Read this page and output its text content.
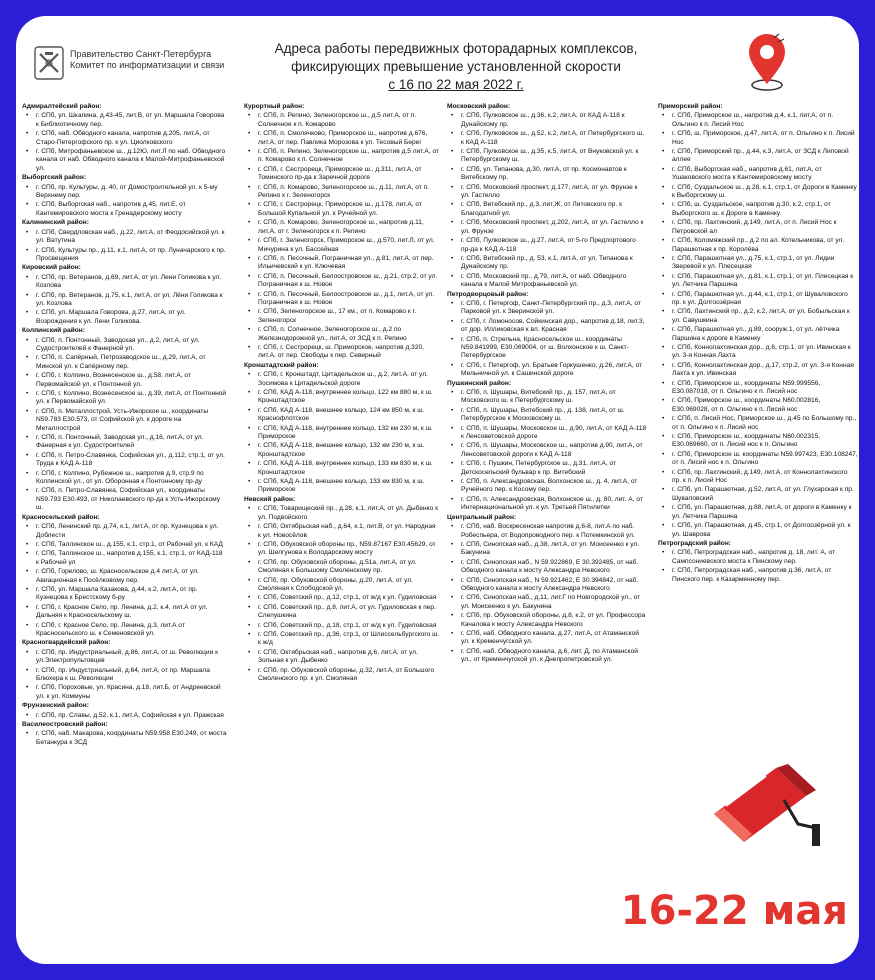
Правительство Санкт-Петербурга
Комитет по информатизации и связи
Адреса работы передвижных фоторадарных комплексов,
фиксирующих превышение установленной скорости
с 16 по 22 мая 2022 г.
Адмиралтейский район:
• г. СПб, ул. Шкапина, д.43-45, лит.В, от ул. Маршала Говорова к Библиотечному пер.
• г. СПб, наб. Обводного канала, напротив д.205, лит.А, от Старо-Петергофского пр. к ул. Циолковского
• г. СПб, Митрофаньевское ш., д.12Ю, лит.Л по наб. Обводного канала от наб. Обводного канала к Малой-Митрофаньевской ул.
Выборгский район:
• г. СПб, пр. Культуры, д. 40, от Домостроительной ул. к 5-му Верхнему пер.
• г. СПб, Выборгская наб., напротив д.45, лит.Е, от Кантемировского моста к Гренадерскому мосту
Калининский район:
• г. СПб, Свердловская наб., д.22, лит.А, от Феодосийской ул. к ул. Ватутина
• г. СПб, Культуры пр., д.11, к.1, лит.А, от пр. Луначарского к пр. Просвещения
Кировский район:
• г. СПб, пр. Ветеранов, д.69, лит.А, от ул. Лени Голикова к ул. Козлова
• г. СПб, пр. Ветеранов, д.75, к.1, лит.А, от ул. Лёни Голикова к ул. Козлова
• г. СПб, ул. Маршала Говорова, д.27, лит.А, от ул. Возрождения к ул. Лени Голикова.
Колпинский район:
• г. СПб, п. Понтонный, Заводская ул., д.2, лит.А, от ул. Судостроителей к Фанерной ул.
• г. СПб, п. Сапёрный, Петрозаводское ш., д.29, лит.А, от Минской ул. к Сапёрному пер.
• г. СПб, г. Колпино, Вознесенское ш., д.58, лит.А, от Первомайской ул. к Понтонной ул.
• г. СПб, г. Колпино, Вознесенское ш., д.39, лит.А, от Понтонной ул. к Первомайской ул.
• г. СПб, п. Металлострой, Усть-Ижорское ш., координаты N59.783 E30.573, от Софийской ул. к дороге на Металлострой
• г. СПб, п. Понтонный, Заводская ул., д.16, лит.А, от ул. Фанерная к ул. Судостроителей
• г. СПб, п. Петро-Славянка, Софийская ул., д.112, стр.1, от ул. Труда к КАД А-118
• г. СПб, г. Колпино, Рубежное ш., напротив д.9, стр.9 по Колпинской ул., от ул. Оборонная к Понтонному пр-ду
• г. СПб, п. Петро-Славянка, Софийская ул., координаты N59.793 E30.493, от Николаевского пр-да к Усть-Ижорскому ш.
Красносельский район:
• г. СПб, Ленинский пр. д.74, к.1, лит.А, от пр. Кузнецова к ул. Доблести
• г. СПб, Таллинское ш., д.155, к.1, стр.1, от Рабочей ул. к КАД
• г. СПб, Таллинское ш., напротив д.155, к.1, стр.1, от КАД-118 к Рабочей ул
• г. СПб, Горелово, ш. Красносельское д.4 лит.А, от ул. Авиационная к Посёлковому пер.
• г. СПб, ул. Маршала Казакова, д.44, к.2, лит.А, от пр. Кузнецова к Брестскому б-ру
• г. СПб, г. Красное Село, пр. Ленина, д.2, к.4, лит.А от ул. Дальняя к Красносельскому ш.
• г. СПб, г. Красное Село, пр. Ленина, д.3, лит.А от Красносельского ш. к Семеновской ул.
Красногвардейский район:
• г. СПб, пр. Индустриальный, д.86, лит.А, от ш. Революции к ул.Электропультовцев
• г. СПб, пр. Индустриальный, д.64, лит.А, от пр. Маршала Блюхера к ш. Революции
• г. СПб, Пороховые, ул. Красина, д.18, лит.Б, от Андреевской ул. к ул. Коммуны
Фрунзенский район:
• г. СПб, пр. Славы, д.52, к.1, лит.А, Софийская к ул. Пражская
Василеостровский район:
• г. СПб, наб. Макарова, координаты N59.958 E30.249, от моста Бетанкура к ЗСД
Курортный район:
• г. СПб, п. Репино, Зеленогорское ш., д.5 лит.А, от п. Солнечное к п. Комарово
• г. СПб, п. Смолячково, Приморское ш., напротив д.676, лит.А, от пер. Павлика Морозова к ул. Тесовый Берег
• г. СПб, п. Репино, Зеленогорское ш., напротив д.5 лит.А, от п. Комарово к п. Солнечное
• г. СПб, г. Сестрорецк, Приморское ш., д.311, лит.А, от Томинского пр-да к Заречной дороге
• г. СПб, п. Комарово, Зеленогорское ш., д.11, лит.А, от п. Репино к г. Зеленогорск
• г. СПб, г. Сестрорецк, Приморское ш., д.178, лит.А, от Большой Купальной ул. к Ручейной ул.
• г. СПб, п. Комарово, Зеленогорское ш., напротив д.11, лит.А, от г. Зеленогорск к п. Репино
• г. СПб, г. Зеленогорск, Приморское ш., д.570, лит.Л, от ул. Мичурина к ул. Бассейная
• г. СПб, п. Песочный, Пограничная ул., д.81, лит.А, от пер. Ильичевский к ул. Ключевая
• г. СПб, п. Песочный, Белоостровское ш., д.21, стр.2, от ул. Пограничная к ш. Новое
• г. СПб, п. Песочный, Белоостровское ш., д.1, лит.А, от ул. Пограничная к ш. Новое
• г. СПб, Зеленогорское ш., 17 км., от п. Комарово к г. Зеленогорск
• г. СПб, п. Солнечное, Зеленогорское ш., д.2 по Железнодорожной ул., лит.А, от ЗСД к п. Репино
• г. СПб, г. Сестрорецк, ш. Приморское, напротив д.320, лит.А, от пер. Свободы к пер. Северный
Кронштадтский район:
• г. СПб, г. Кронштадт, Цитадельское ш., д.2, лит.А, от ул. Зосимова к Цитадельской дороге
• г. СПб, КАД А-118, внутреннее кольцо, 122 км 880 м, к ш. Кронштадтское
• г. СПб, КАД А-118, внешнее кольцо, 124 км 850 м, к ш. Краснофлотское
• г. СПб, КАД А-118, внутреннее кольцо, 132 км 230 м, к ш. Приморское
• г. СПб, КАД А-118, внешнее кольцо, 132 км 230 м, к ш. Кронштадтское
• г. СПб, КАД А-118, внутреннее кольцо, 133 км 830 м, к ш. Кронштадтское
• г. СПб, КАД А-118, внешнее кольцо, 133 км 830 м, к ш. Приморское
Невский район:
• г. СПб, Товарищеский пр., д.28, к.1, лит.А, от ул. Дыбенко к ул. Подвойского
• г. СПб, Октябрьская наб., д.64, к.1, лит.В, от ул. Народная к ул. Новосёлов
• г. СПб, Обуховской обороны пр., N59.87167 E30.45629, от ул. Шелгунова к Володарскому мосту
• г. СПб, пр. Обуховской обороны, д.51а, лит.А, от ул. Смоляная к Большому Смоленскому пр.
• г. СПб, пр. Обуховской обороны, д.20, лит.А, от ул. Смоляная к Слободской ул.
• г. СПб, Советский пр., д.12, стр.1, от ж/д к ул. Гудиловская
• г. СПб, Советский пр., д.8, лит.А, от ул. Гудиловская к пер. Слепушкина
• г. СПб, Советский пр., д.18, стр.1, от ж/д к ул. Гудиловская
• г. СПб, Советский пр., д.36, стр.1, от Шлиссельбургского ш. к ж/д
• г. СПб, Октябрьская наб., напротив д.6, лит.А, от ул. Зольная к ул. Дыбенко
• г. СПб, пр. Обуховской обороны, д.32, лит.А, от Большого Смоленского пр. к ул. Смоляная
Московский район:
• г. СПб, Пулковское ш., д.36, к.2, лит.А, от КАД А-118 к Дунайскому пр.
• г. СПб, Пулковское ш., д.52, к.2, лит.А, от Петербургского ш. к КАД А-118
• г. СПб, Пулковское ш., д.35, к.5, лит.А, от Внуковской ул. к Петербургскому ш.
• г. СПб, ул. Типанова, д.30, лит.А, от пр. Космонавтов к Витебскому пр.
• г. СПб, Московский проспект, д.177, лит.А, от ул. Фрунзе к ул. Гастелло
• г. СПб, Витебский пр., д.3, лит.Ж, от Литовского пр. к Благодатной ул.
• г. СПб, Московский проспект, д.202, лит.А, от ул. Гастелло к ул. Фрунзе
• г. СПб, Пулковское ш., д.27, лит.А, от 5-го Предпортового пр-да к КАД А-118
• г. СПб, Витебский пр., д. 53, к.1, лит.А, от ул. Типанова к Дунайскому пр.
• г. СПб, Московский пр., д.79, лит.А, от наб. Обводного канала к Малой Митрофаньевской ул.
Петродворцовый район:
• г. СПб, г. Петергоф, Санкт-Петербургский пр., д.3, лит.А, от Парковой ул. к Зверинской ул.
• г. СПб, г. Ломоносов, Сойкинская дор., напротив д.18, лит.3, от дор. Илликовская к вл. Красная
• г. СПб, п. Стрельна, Красносельское ш., координаты N59.841999, E30.069004, от ш. Волхонское к ш. Санкт-Петербургское
• г. СПб, г. Петергоф, ул. Братьев Горкушенко, д.26, лит.А, от Мельничной ул. к Сашинской дороге
Пушкинский район:
• г. СПб, п. Шушары, Витебский пр., д. 157, лит.А, от Московского ш. к Петербургскому ш.
• г. СПб, п. Шушары, Витебский пр., д. 138, лит.А, от ш. Петербургское к Московскому ш.
• г. СПб, п. Шушары, Московское ш., д.90, лит.А, от КАД А-118 к Ленсоветовской дороге
• г. СПб, п. Шушары, Московское ш., напротив д.90, лит.А, от Ленсоветовской дороги к КАД А-118
• г. СПб, г. Пушкин, Петербургское ш., д.31, лит.А, от Детскосельский бульвар к пр. Витебский
• г. СПб, п. Александровская, Волхонское ш., д. 4, лит.А, от Ручейного пер. к Косому пер.
• г. СПб, п. Александровская, Волхонское ш., д. 80, лит. А, от Интернациональной ул. к ул. Третьей Пятилетки
Центральный район:
• г. СПб, наб. Воскресенская напротив д.6-8, лит.А по наб. Робеспьера, от Водопроводного пер. к Потемкинской ул.
• г. СПб, Синопская наб., д.38, лит.А, от ул. Моисеенко к ул. Бакунина
• г. СПб, Синопская наб., N 59.922869, E 30.392485, от наб. Обводного канала к мосту Александра Невского
• г. СПб, Синопская наб., N 59.921462, E 30.394842, от наб. Обводного канала к мосту Александра Невского
• г. СПб, Синопская наб., д.11, лит.Г по Новгородской ул., от ул. Моисеенко к ул. Бакунина
• г. СПб, пр. Обуховской обороны, д.8, к.2, от ул. Профессора Качалова к мосту Александра Невского
• г. СПб, наб. Обводного канала, д.27, лит.А, от Атаманской ул. к Кременчугской ул.
• г. СПб, наб. Обводного канала, д.6, лит. Д, по Атаманской ул., от Кременчугской ул. к Днепропетровской ул.
Приморский район:
• г. СПб, Приморское ш., напротив д.4, к.1, лит.А, от п. Ольгино к п. Лисий Нос
• г. СПб, ш. Приморское, д.47, лит.А, от п. Ольгино к п. Лисий Нос
• г. СПб, Приморский пр., д.44, к.3, лит.А, от ЗСД к Липовой аллее
• г. СПб, Выборгская наб., напротив д.61, лит.А, от Ушаковского моста к Кантемировскому мосту
• г. СПб, Суздальское ш., д.28, к.1, стр.1, от Дороги в Каменку к Выборгскому ш.
• г. СПб, ш. Суздальское, напротив д.30, к.2, стр.1, от Выборгского ш. к Дороге в Каменку
• г. СПб, пр. Лахтинский, д.149, лит.А, от п. Лисий Нос к Петровской ал
• г. СПб, Коломяжский пр., д.2 по ал. Котельникова, от ул. Парашютная к пр. Королёва
• г. СПб, Парашютная ул., д.75, к.1, стр.1, от ул. Лидии Зверевой к ул. Плесецкая
• г. СПб, Парашютная ул., д.81, к.1, стр.1, от ул. Плесецкая к ул. Летчика Паршина
• г. СПб, Парашютная ул., д.44, к.1, стр.1, от Шуваловского пр. к ул. Долгоозёрная
• г. СПб, Лахтинский пр., д.2, к.2, лит.А, от ул. Бобыльская к ул. Савушкина
• г. СПб, Парашютная ул., д.89, сооруж.1, от ул. лётчика Паршина к дороге в Каменку
• г. СПб, Коннолахтинская дор., д.6, стр.1, от ул. Ивинская к ул. 3-я Конная Лахта
• г. СПб, Коннолахтинская дор., д.17, стр.2, от ул. 3-я Конная Лахта к ул. Ивинская
• г. СПб, Приморское ш., координаты N59.999556, E30.087018, от п. Ольгино к п. Лисий нос
• г. СПб, Приморское ш., координаты N60.002816, E30.069028, от п. Ольгино к п. Лисий нос
• г. СПб, п. Лисий Нос, Приморское ш., д.45 по Большому пр., от п. Ольгино к п. Лисий нос
• г. СПб, Приморское ш., координаты N60.002315, E30.069660, от п. Лисий нос к п. Ольгино
• г. СПб, Приморское ш. координаты N59.997423, E30.108247, от п. Лисий нос к п. Ольгино
• г. СПб, пр. Лахтинский, д.149, лит.А, от Коннолахтинского пр. к п. Лисий Нос
• г. СПб, ул. Парашютная, д.52, лит.А, от ул. Глухарская к пр. Шуваловский
• г. СПб, ул. Парашютная, д.88, лит.А, от дороги в Каменку к ул. Летчика Паршина
• г. СПб, ул. Парашютная, д.45, стр.1, от Долгоозёрной ул. к ул. Шаврова
Петроградский район:
• г. СПб, Петроградская наб., напротив д. 18, лит. А, от Сампсониевского моста к Пинскому пер.
• г. СПб, Петроградская наб., напротив д.36, лит.А, от Пинского пер. к Казарменному пер.
16-22 мая
